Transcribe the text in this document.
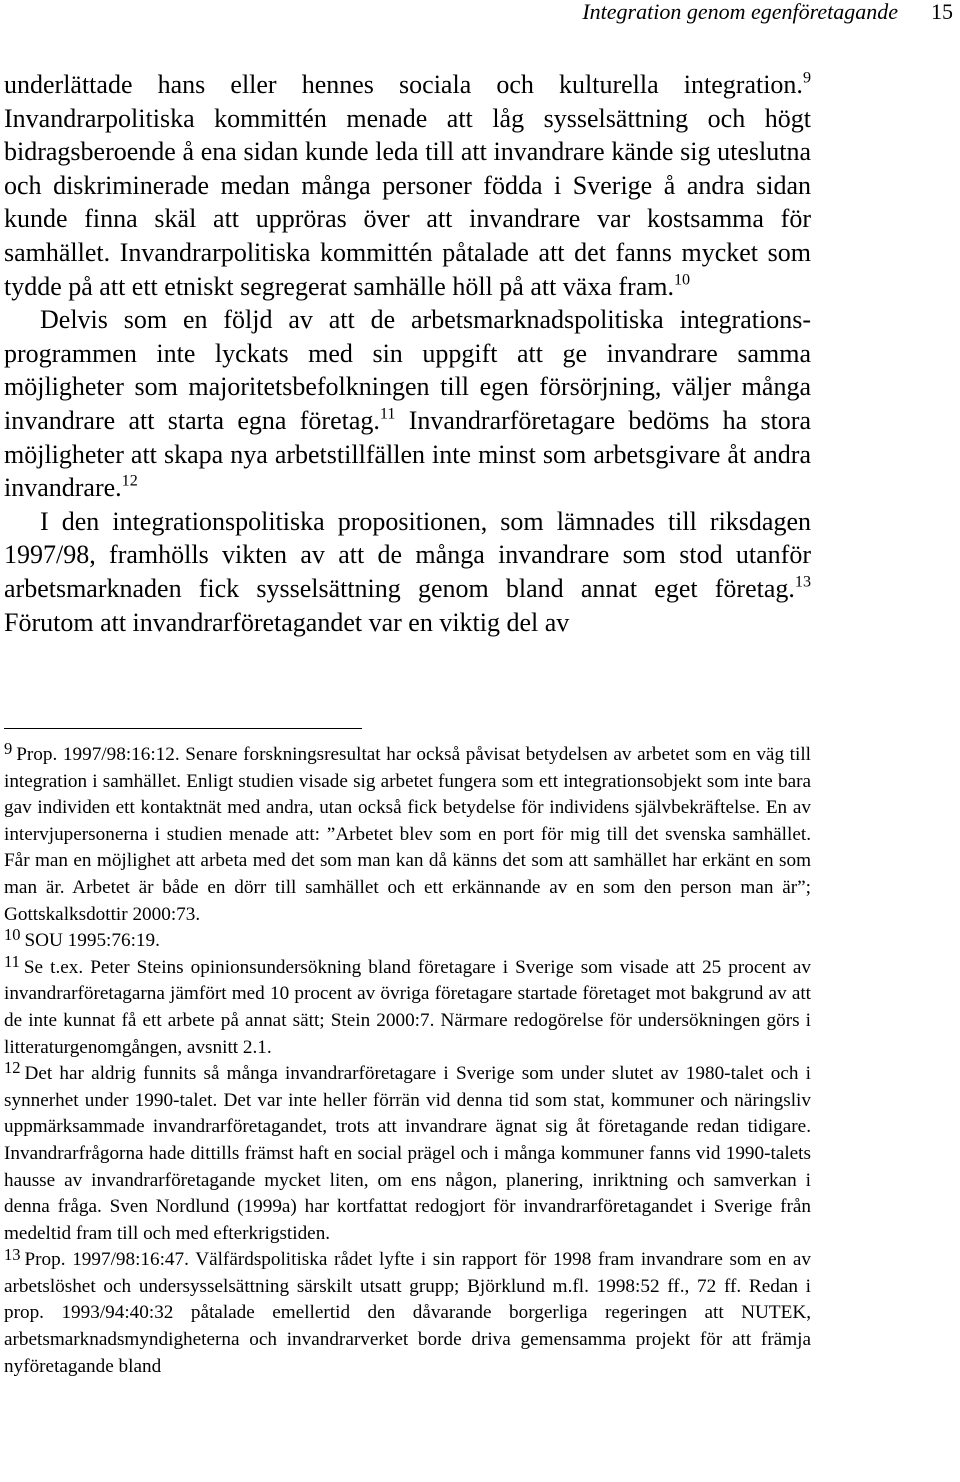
Integration genom egenföretagande 15

underlättade hans eller hennes sociala och kulturella integration.$^9$ Invandrarpolitiska kommittén menade att låg sysselsättning och högt bidragsberoende å ena sidan kunde leda till att invandrare kände sig uteslutna och diskriminerade medan många personer födda i Sverige å andra sidan kunde finna skäl att uppröras över att invandrare var kostsamma för samhället. Invandrarpolitiska kommittén påtalade att det fanns mycket som tydde på att ett etniskt segregerat samhälle höll på att växa fram.$^{10}$

Delvis som en följd av att de arbetsmarknadspolitiska integrationsprogrammen inte lyckats med sin uppgift att ge invandrare samma möjligheter som majoritetsbefolkningen till egen försörjning, väljer många invandrare att starta egna företag.$^{11}$ Invandrarföretagare bedöms ha stora möjligheter att skapa nya arbetstillfällen inte minst som arbetsgivare åt andra invandrare.$^{12}$

I den integrationspolitiska propositionen, som lämnades till riksdagen 1997/98, framhölls vikten av att de många invandrare som stod utanför arbetsmarknaden fick sysselsättning genom bland annat eget företag.$^{13}$ Förutom att invandrarföretagandet var en viktig del av

9 Prop. 1997/98:16:12. Senare forskningsresultat har också påvisat betydelsen av arbetet som en väg till integration i samhället. Enligt studien visade sig arbetet fungera som ett integrationsobjekt som inte bara gav individen ett kontaktnät med andra, utan också fick betydelse för individens självbekräftelse. En av intervjupersonerna i studien menade att: ”Arbetet blev som en port för mig till det svenska samhället. Får man en möjlighet att arbeta med det som man kan då känns det som att samhället har erkänt en som man är. Arbetet är både en dörr till samhället och ett erkännande av en som den person man är”; Gottskalksdottir 2000:73.

10 SOU 1995:76:19.

11 Se t.ex. Peter Steins opinionsundersökning bland företagare i Sverige som visade att 25 procent av invandrarföretagarna jämfört med 10 procent av övriga företagare startade företaget mot bakgrund av att de inte kunnat få ett arbete på annat sätt; Stein 2000:7. Närmare redogörelse för undersökningen görs i litteraturgenomgången, avsnitt 2.1.

12 Det har aldrig funnits så många invandrarföretagare i Sverige som under slutet av 1980-talet och i synnerhet under 1990-talet. Det var inte heller förrän vid denna tid som stat, kommuner och näringsliv uppmärksammade invandrarföretagandet, trots att invandrare ägnat sig åt företagande redan tidigare. Invandrarfrågorna hade dittills främst haft en social prägel och i många kommuner fanns vid 1990-talets hausse av invandrarföretagande mycket liten, om ens någon, planering, inriktning och samverkan i denna fråga. Sven Nordlund (1999a) har kortfattat redogjort för invandrarföretagandet i Sverige från medeltid fram till och med efterkrigstiden.

13 Prop. 1997/98:16:47. Välfärdspolitiska rådet lyfte i sin rapport för 1998 fram invandrare som en av arbetslöshet och undersysselsättning särskilt utsatt grupp; Björklund m.fl. 1998:52 ff., 72 ff. Redan i prop. 1993/94:40:32 påtalade emellertid den dåvarande borgerliga regeringen att NUTEK, arbetsmarknadsmyndigheterna och invandrarverket borde driva gemensamma projekt för att främja nyföretagande bland
